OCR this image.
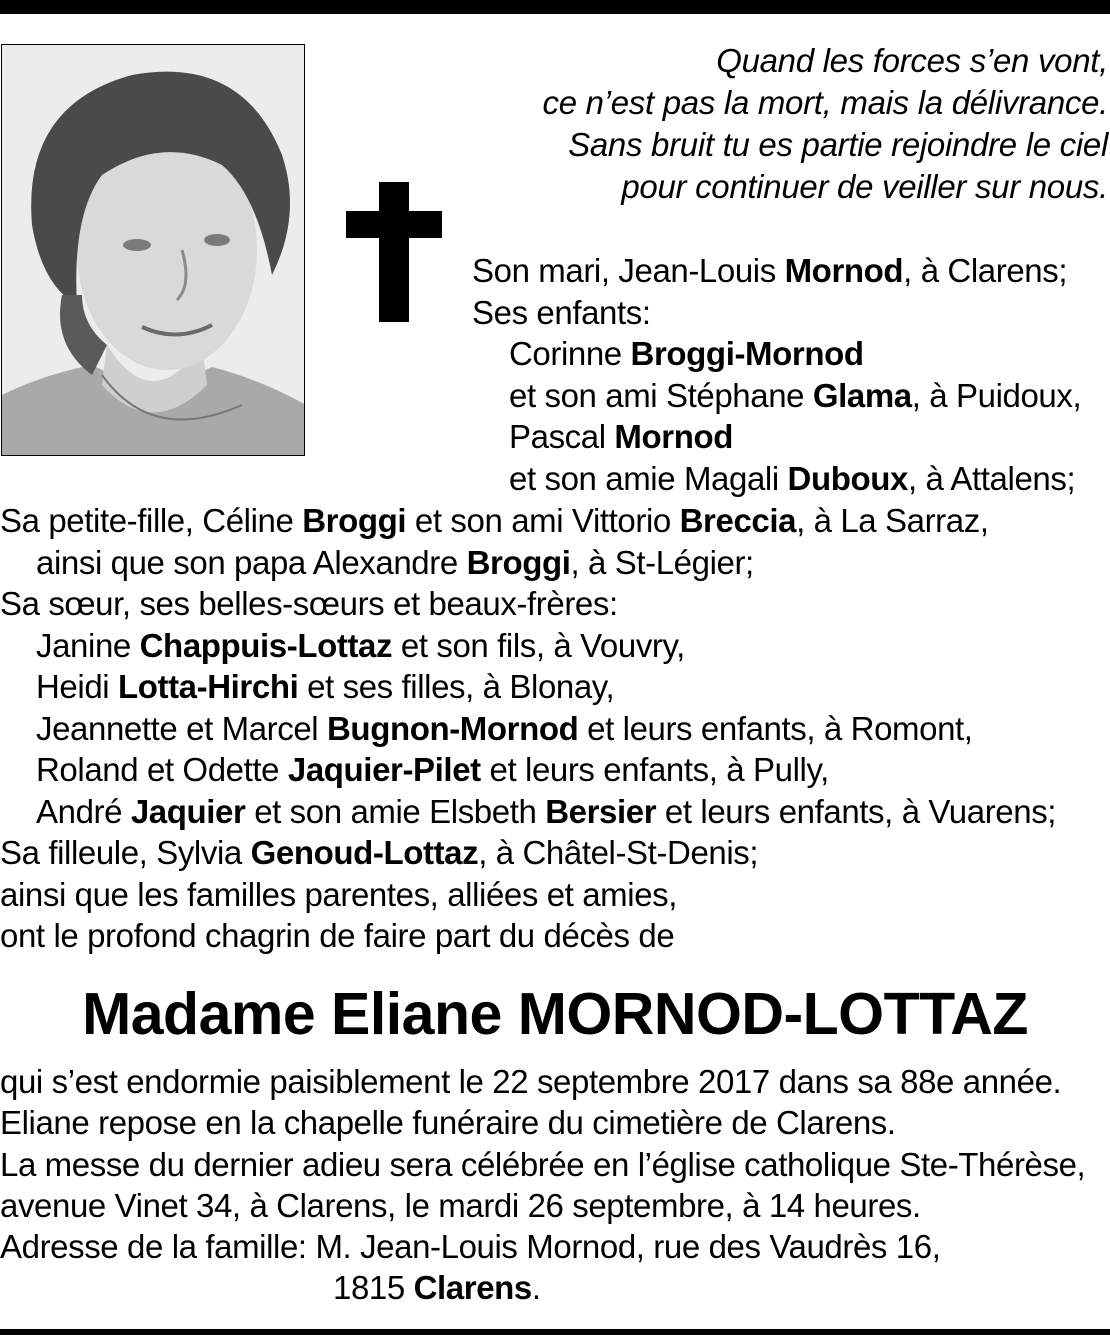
Quand les forces s’en vont,
ce n’est pas la mort, mais la délivrance.
Sans bruit tu es partie rejoindre le ciel
pour continuer de veiller sur nous.
Son mari, Jean-Louis Mornod, à Clarens;
Ses enfants:
Corinne Broggi-Mornod
et son ami Stéphane Glama, à Puidoux,
Pascal Mornod
et son amie Magali Duboux, à Attalens;
Sa petite-fille, Céline Broggi et son ami Vittorio Breccia, à La Sarraz,
ainsi que son papa Alexandre Broggi, à St-Légier;
Sa sœur, ses belles-sœurs et beaux-frères:
Janine Chappuis-Lottaz et son fils, à Vouvry,
Heidi Lotta-Hirchi et ses filles, à Blonay,
Jeannette et Marcel Bugnon-Mornod et leurs enfants, à Romont,
Roland et Odette Jaquier-Pilet et leurs enfants, à Pully,
André Jaquier et son amie Elsbeth Bersier et leurs enfants, à Vuarens;
Sa filleule, Sylvia Genoud-Lottaz, à Châtel-St-Denis;
ainsi que les familles parentes, alliées et amies,
ont le profond chagrin de faire part du décès de
Madame Eliane MORNOD-LOTTAZ
qui s’est endormie paisiblement le 22 septembre 2017 dans sa 88e année.
Eliane repose en la chapelle funéraire du cimetière de Clarens.
La messe du dernier adieu sera célébrée en l’église catholique Ste-Thérèse,
avenue Vinet 34, à Clarens, le mardi 26 septembre, à 14 heures.
Adresse de la famille: M. Jean-Louis Mornod, rue des Vaudrès 16,
1815 Clarens.
